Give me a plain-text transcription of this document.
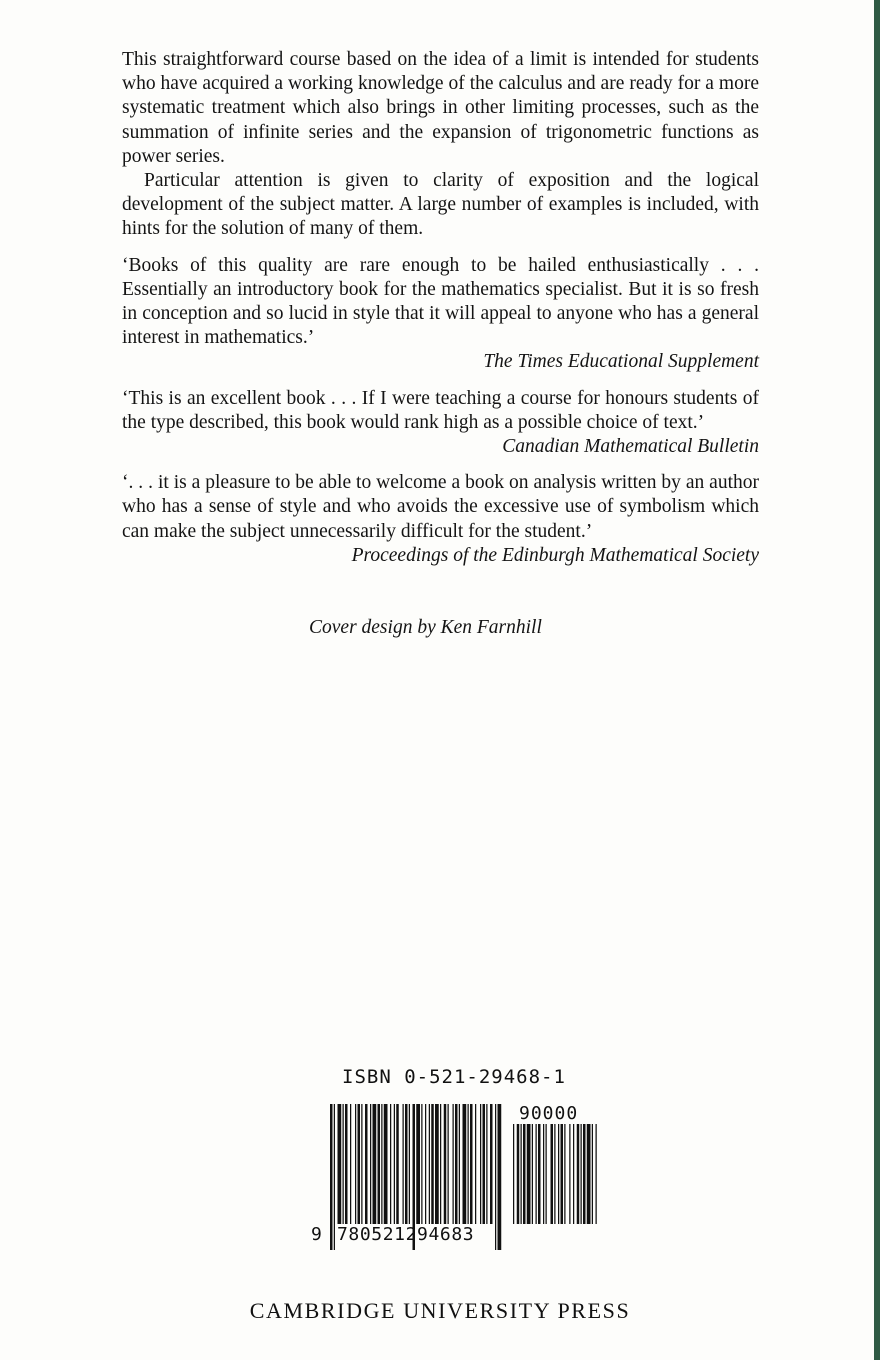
This straightforward course based on the idea of a limit is intended for students who have acquired a working knowledge of the calculus and are ready for a more systematic treatment which also brings in other limiting processes, such as the summation of infinite series and the expansion of trigonometric functions as power series.

Particular attention is given to clarity of exposition and the logical development of the subject matter. A large number of examples is included, with hints for the solution of many of them.

‘Books of this quality are rare enough to be hailed enthusiastically . . . Essentially an introductory book for the mathematics specialist. But it is so fresh in conception and so lucid in style that it will appeal to anyone who has a general interest in mathematics.’

The Times Educational Supplement

‘This is an excellent book . . . If I were teaching a course for honours students of the type described, this book would rank high as a possible choice of text.’  
Canadian Mathematical Bulletin

‘. . . it is a pleasure to be able to welcome a book on analysis written by an author who has a sense of style and who avoids the excessive use of symbolism which can make the subject unnecessarily difficult for the student.’

Proceedings of the Edinburgh Mathematical Society

Cover design by Ken Farnhill
ISBN 0-521-29468-1
90000
9 780521294683
CAMBRIDGE UNIVERSITY PRESS
